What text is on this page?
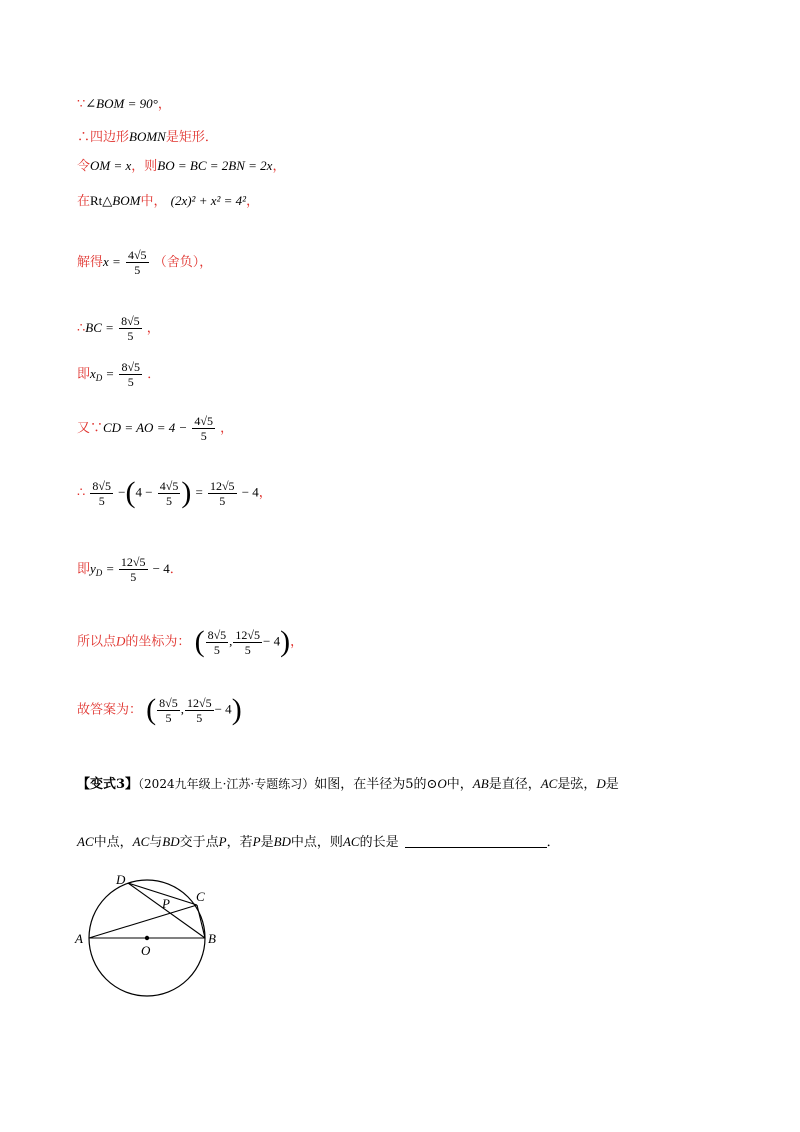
∵∠BOM = 90°，
∴四边形BOMN是矩形．
令OM = x，则BO = BC = 2BN = 2x，
在Rt△BOM中， (2x)² + x² = 4²，
解得$x = \frac{4√5}{5}$ （舍负），
∴BC = $\frac{8√5}{5}$ ，
即$x_D = \frac{8√5}{5}$ ．
又∵CD = AO = $4 - \frac{4√5}{5}$ ，
∴ $\frac{8√5}{5} -(4 - \frac{4√5}{5}$ ) = $\frac{12√5}{5} - 4$，
即$y_D = \frac{12√5}{5} - 4$．
所以点D的坐标为： ( $\frac{8√5}{5}$ , $\frac{12√5}{5} - 4$)，
故答案为： ( $\frac{8√5}{5}$ , $\frac{12√5}{5} - 4$)
【变式3】（2024九年级上·江苏·专题练习）如图，在半径为5的⊙O中，AB是直径，AC是弦，D是
AC中点，AC与BD交于点P，若P是BD中点，则AC的长是	．
A	B
C
D
O
P
